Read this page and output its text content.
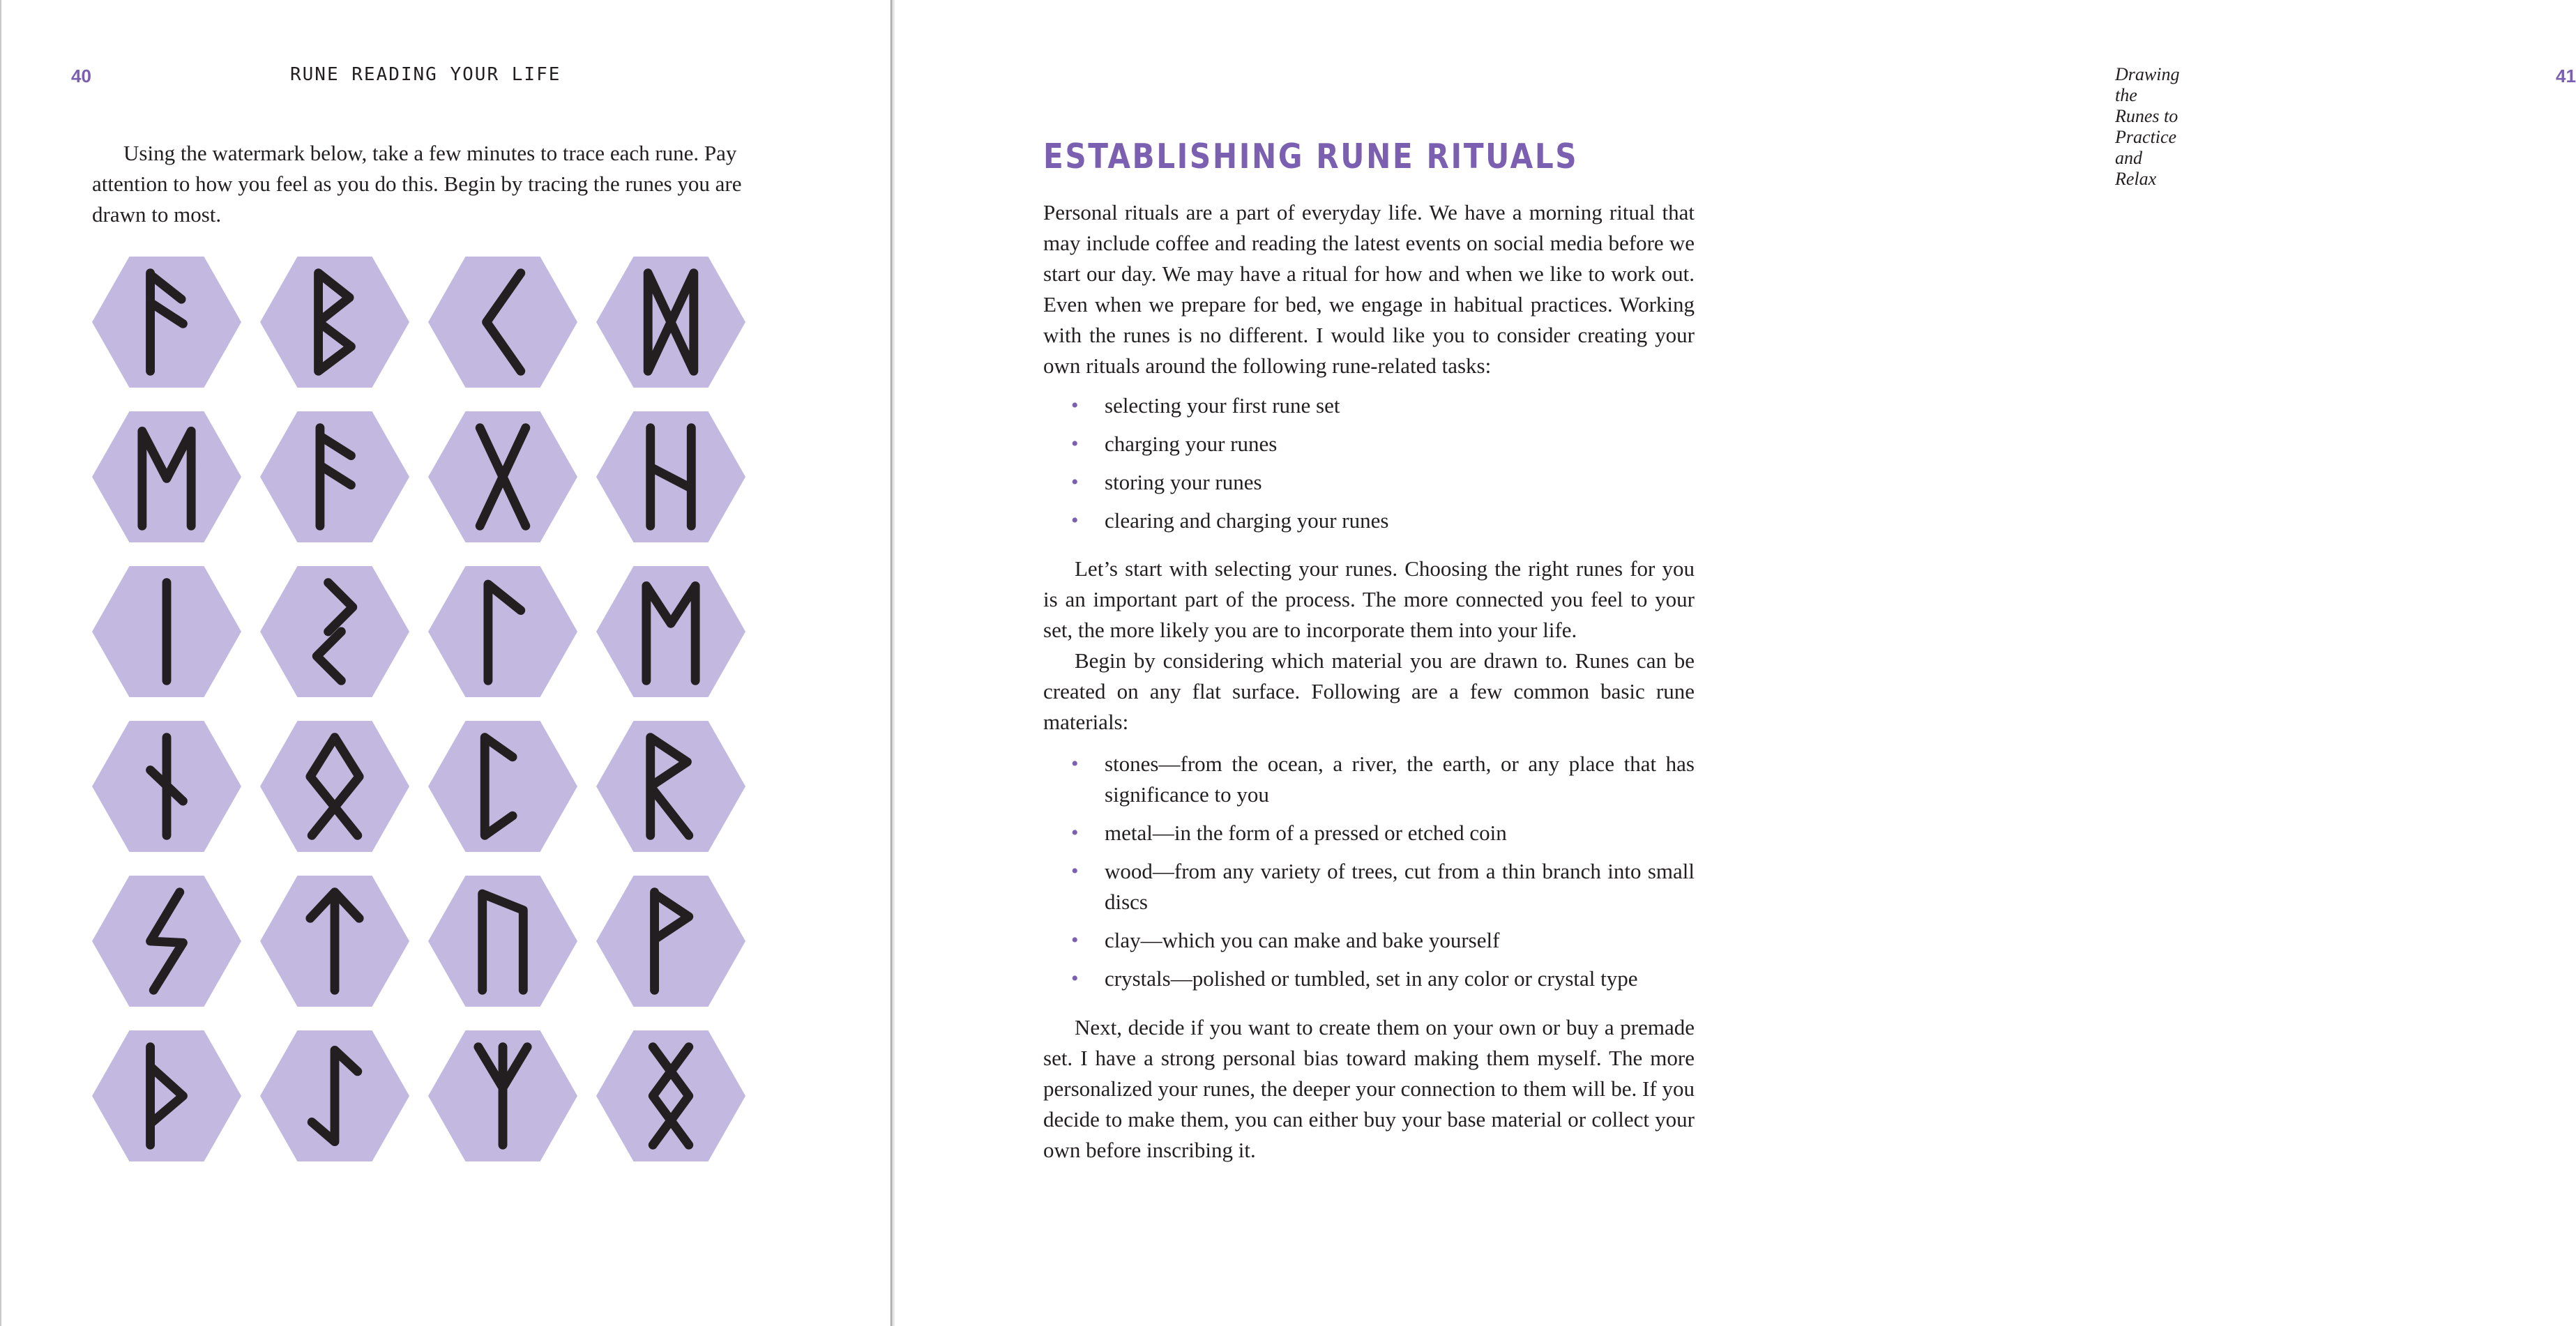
40	RUNE READING YOUR LIFE

Using the watermark below, take a few minutes to trace each rune. Pay attention to how you feel as you do this. Begin by tracing the runes you are drawn to most.

Drawing the Runes to Practice and Relax
41
ESTABLISHING RUNE RITUALS

Personal rituals are a part of everyday life. We have a morning ritual that may include coffee and reading the latest events on social media before we start our day. We may have a ritual for how and when we like to work out. Even when we prepare for bed, we engage in habitual practices. Working with the runes is no different. I would like you to consider creating your own rituals around the following rune-related tasks:

• selecting your first rune set
• charging your runes
• storing your runes
• clearing and charging your runes

Let’s start with selecting your runes. Choosing the right runes for you is an important part of the process. The more connected you feel to your set, the more likely you are to incorporate them into your life.

Begin by considering which material you are drawn to. Runes can be created on any flat surface. Following are a few common basic rune materials:

• stones—from the ocean, a river, the earth, or any place that has significance to you
• metal—in the form of a pressed or etched coin
• wood—from any variety of trees, cut from a thin branch into small discs
• clay—which you can make and bake yourself
• crystals—polished or tumbled, set in any color or crystal type

Next, decide if you want to create them on your own or buy a premade set. I have a strong personal bias toward making them myself. The more personalized your runes, the deeper your connection to them will be. If you decide to make them, you can either buy your base material or collect your own before inscribing it.
